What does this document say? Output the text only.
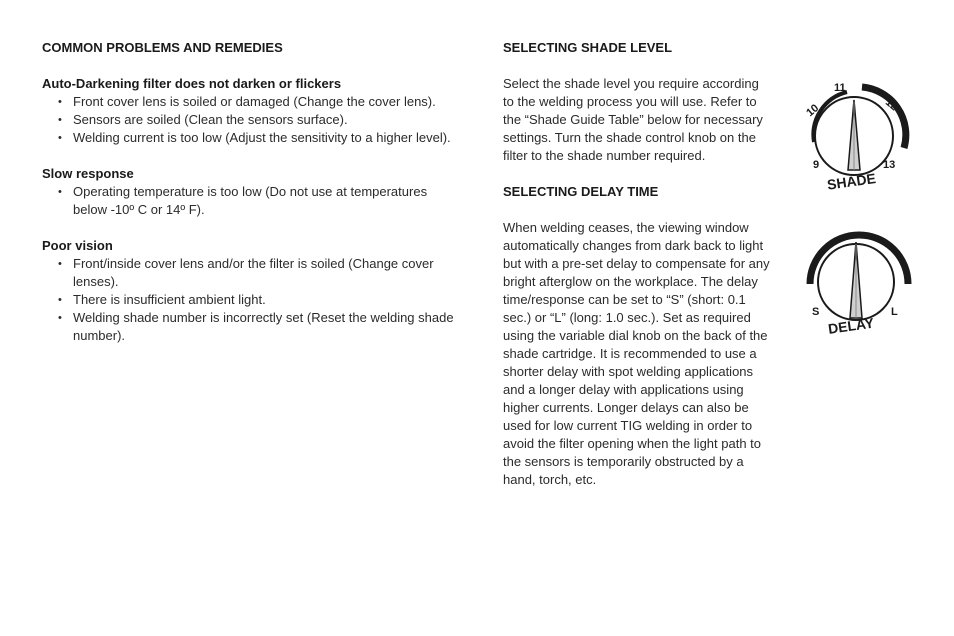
COMMON PROBLEMS AND REMEDIES

Auto-Darkening filter does not darken or flickers

• Front cover lens is soiled or damaged (Change the cover lens).
• Sensors are soiled (Clean the sensors surface).
• Welding current is too low (Adjust the sensitivity to a higher level).

Slow response

• Operating temperature is too low (Do not use at temperatures below -10º C or 14º F).

Poor vision

• Front/inside cover lens and/or the filter is soiled (Change cover lenses).
• There is insufficient ambient light.
• Welding shade number is incorrectly set (Reset the welding shade number).

SELECTING SHADE LEVEL

Select the shade level you require according to the welding process you will use. Refer to the “Shade Guide Table” below for necessary settings. Turn the shade control knob on the filter to the shade number required.

SELECTING DELAY TIME

When welding ceases, the viewing window automatically changes from dark back to light but with a pre-set delay to compensate for any bright afterglow on the workplace. The delay time/response can be set to “S” (short: 0.1 sec.) or “L” (long: 1.0 sec.). Set as required using the variable dial knob on the back of the shade cartridge. It is recommended to use a shorter delay with spot welding applications and a longer delay with applications using higher currents. Longer delays can also be used for low current TIG welding in order to avoid the filter opening when the light path to the sensors is temporarily obstructed by a hand, torch, etc.

9
10
11
12
13
SHADE
S	L
DELAY
